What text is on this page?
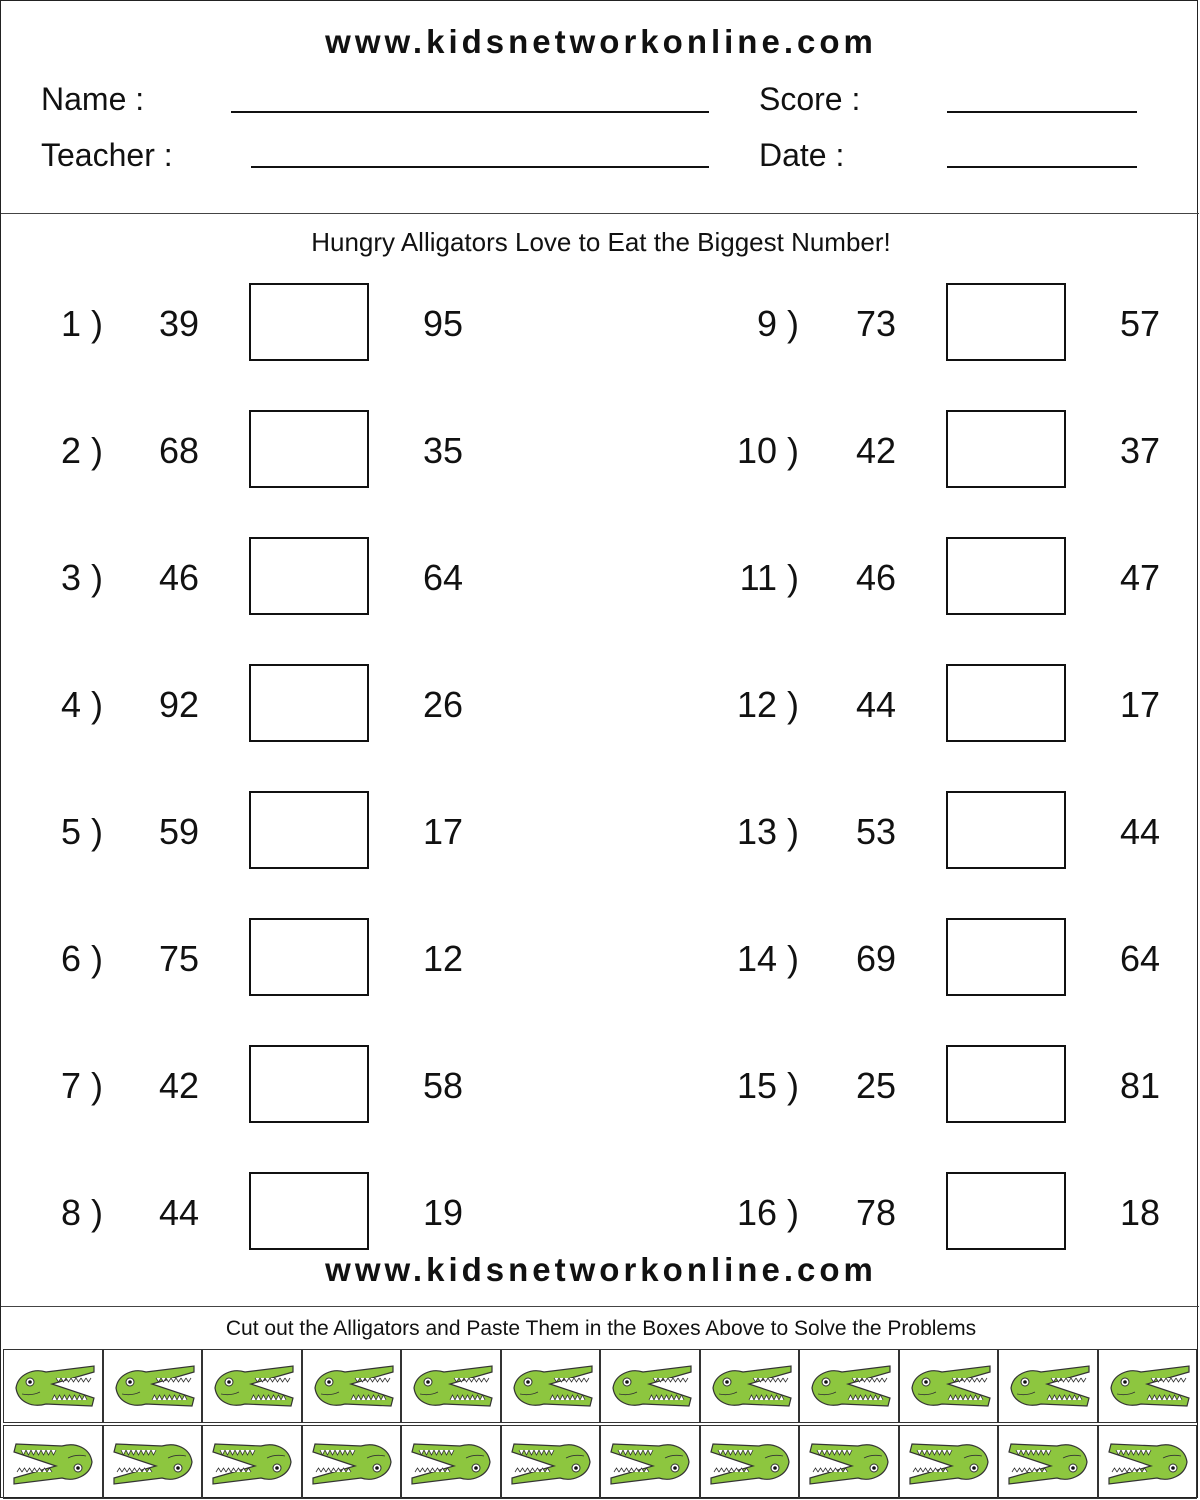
www.kidsnetworkonline.com
Name :	Score :
Teacher :	Date :
Hungry Alligators Love to Eat the Biggest Number!
1 ) 39	95
2 ) 68	35
3 ) 46	64
4 ) 92	26
5 ) 59	17
6 ) 75	12
7 ) 42	58
8 ) 44	19
9 ) 73	57
10 ) 42	37
11 ) 46	47
12 ) 44	17
13 ) 53	44
14 ) 69	64
15 ) 25	81
16 ) 78	18
www.kidsnetworkonline.com
Cut out the Alligators and Paste Them in the Boxes Above to Solve the Problems
